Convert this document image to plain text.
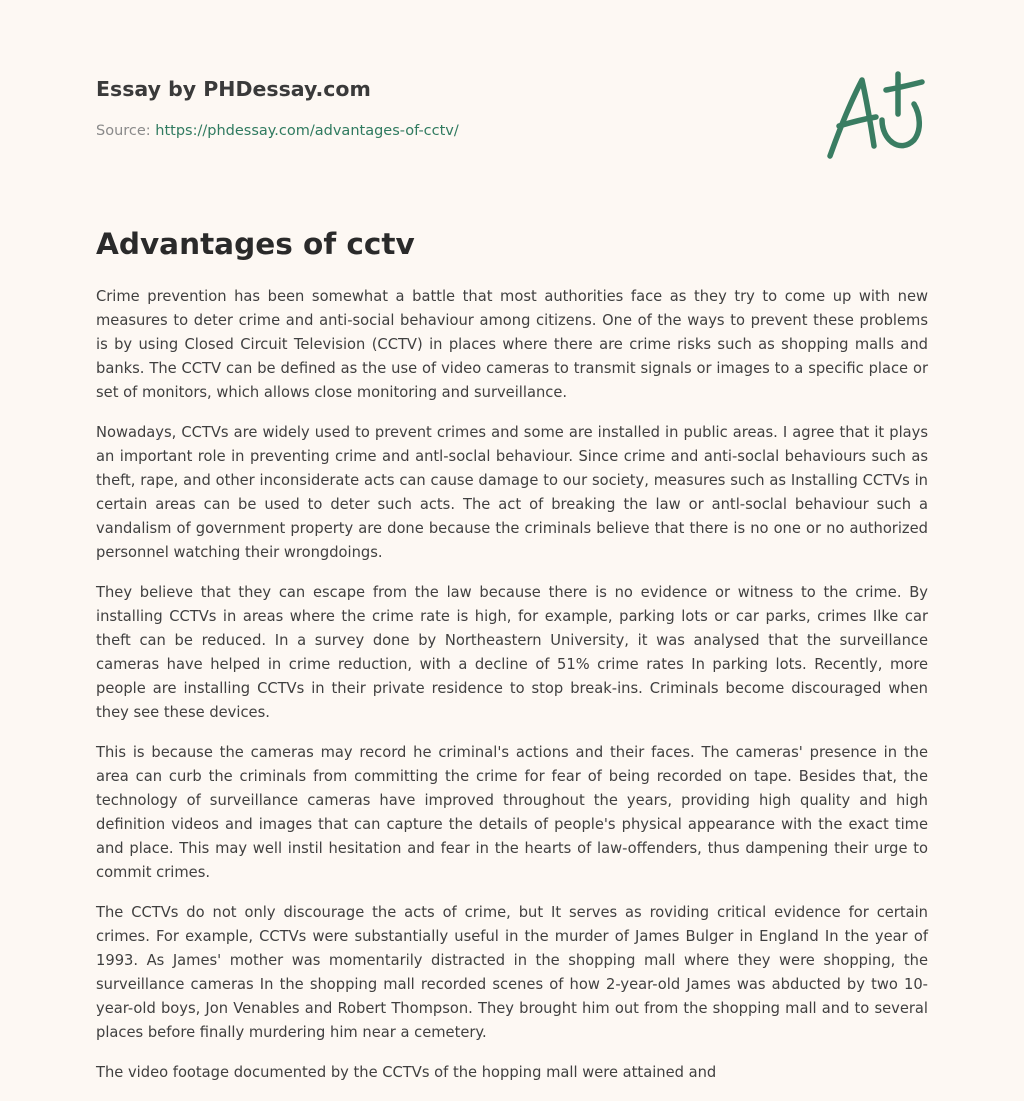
Essay by PHDessay.com
Source: https://phdessay.com/advantages-of-cctv/
Advantages of cctv

Crime prevention has been somewhat a battle that most authorities face as they try to come up with new measures to deter crime and anti-social behaviour among citizens. One of the ways to prevent these problems is by using Closed Circuit Television (CCTV) in places where there are crime risks such as shopping malls and banks. The CCTV can be defined as the use of video cameras to transmit signals or images to a specific place or set of monitors, which allows close monitoring and surveillance.

Nowadays, CCTVs are widely used to prevent crimes and some are installed in public areas. I agree that it plays an important role in preventing crime and antl-soclal behaviour. Since crime and anti-soclal behaviours such as theft, rape, and other inconsiderate acts can cause damage to our society, measures such as Installing CCTVs in certain areas can be used to deter such acts. The act of breaking the law or antl-soclal behaviour such a vandalism of government property are done because the criminals believe that there is no one or no authorized personnel watching their wrongdoings.

They believe that they can escape from the law because there is no evidence or witness to the crime. By installing CCTVs in areas where the crime rate is high, for example, parking lots or car parks, crimes Ilke car theft can be reduced. In a survey done by Northeastern University, it was analysed that the surveillance cameras have helped in crime reduction, with a decline of 51% crime rates In parking lots. Recently, more people are installing CCTVs in their private residence to stop break-ins. Criminals become discouraged when they see these devices.

This is because the cameras may record he criminal's actions and their faces. The cameras' presence in the area can curb the criminals from committing the crime for fear of being recorded on tape. Besides that, the technology of surveillance cameras have improved throughout the years, providing high quality and high definition videos and images that can capture the details of people's physical appearance with the exact time and place. This may well instil hesitation and fear in the hearts of law-offenders, thus dampening their urge to commit crimes.

The CCTVs do not only discourage the acts of crime, but It serves as roviding critical evidence for certain crimes. For example, CCTVs were substantially useful in the murder of James Bulger in England In the year of 1993. As James' mother was momentarily distracted in the shopping mall where they were shopping, the surveillance cameras In the shopping mall recorded scenes of how 2-year-old James was abducted by two 10-year-old boys, Jon Venables and Robert Thompson. They brought him out from the shopping mall and to several places before finally murdering him near a cemetery.

The video footage documented by the CCTVs of the hopping mall were attained and
